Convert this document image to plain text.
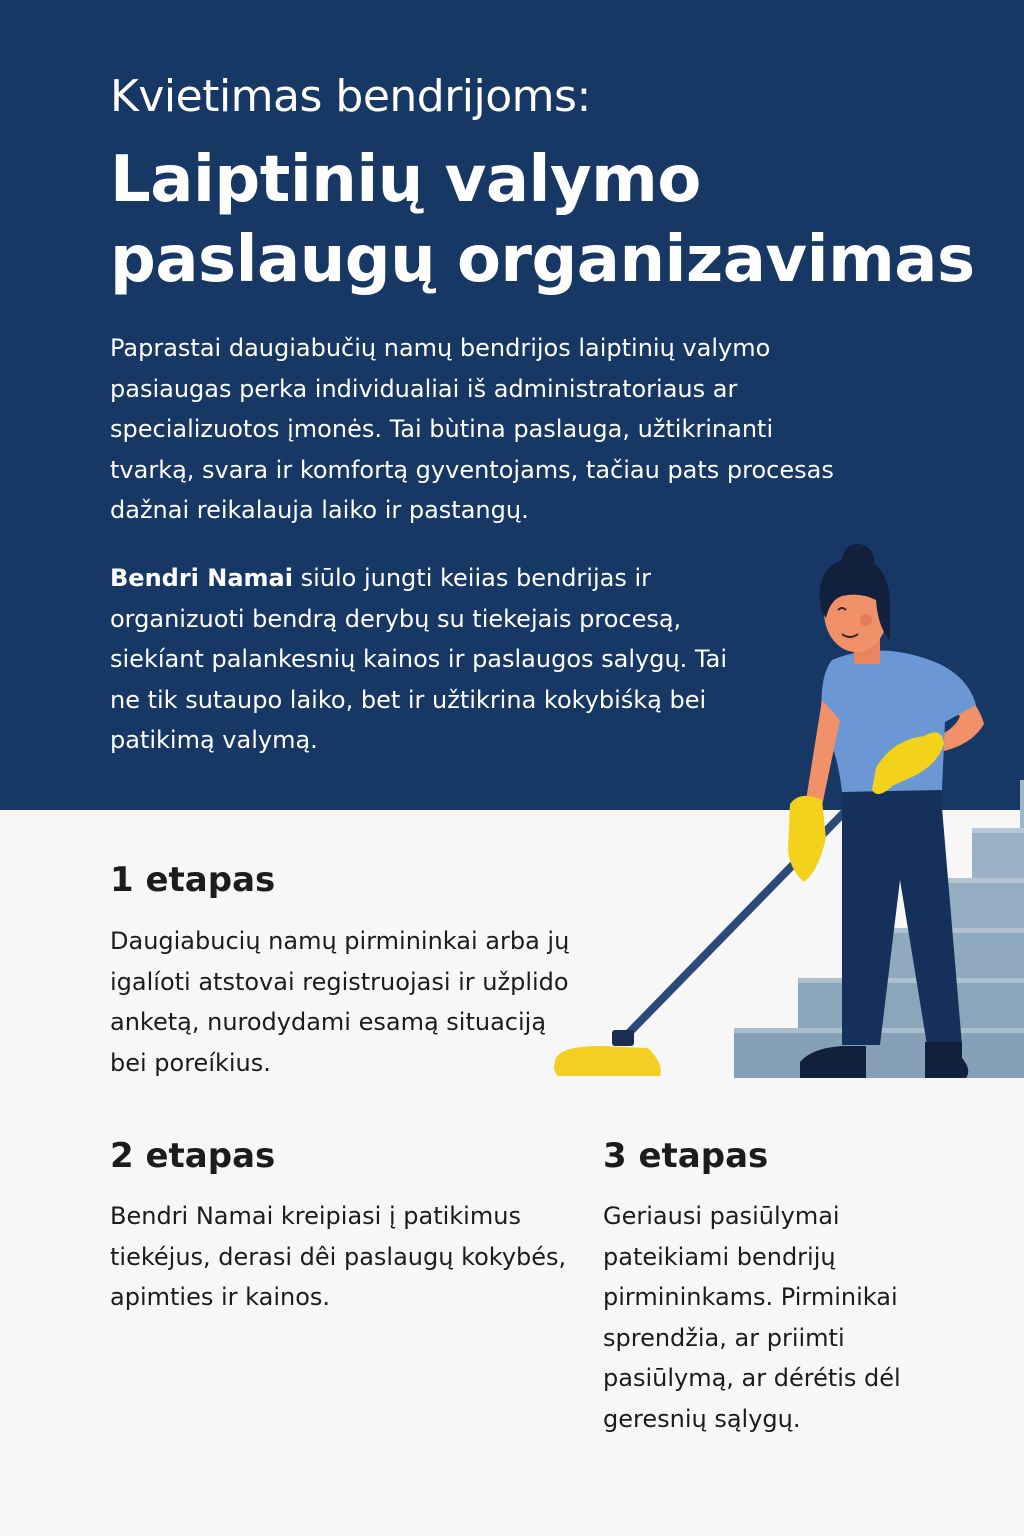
Kvietimas bendrijoms:
Laiptinių valymo paslaugų organizavimas

Paprastai daugiabučių namų bendrijos laiptinių valymo pasiaugas perka individualiai iš administratoriaus ar specializuotos įmonės. Tai bùtina paslauga, užtikrinanti tvarką, svara ir komfortą gyventojams, tačiau pats procesas dažnai reikalauja laiko ir pastangų.

Bendri Namai siūlo jungti keiias bendrijas ir organizuoti bendrą derybų su tiekejais procesą, siekíant palankesnių kainos ir paslaugos salygų. Tai ne tik sutaupo laiko, bet ir užtikrina kokybiśką bei patikimą valymą.

1 etapas

Daugiabucių namų pirmininkai arba jų igalíoti atstovai registruojasi ir užplido anketą, nurodydami esamą situaciją bei poreíkius.

2 etapas

Bendri Namai kreipiasi į patikimus tiekéjus, derasi dêi paslaugų kokybés, apimties ir kainos.

3 etapas

Geriausi pasiūlymai pateikiami bendrijų pirmininkams. Pirminikai sprendžia, ar priimti pasiūlymą, ar dérétis dél geresnių sąlygų.
